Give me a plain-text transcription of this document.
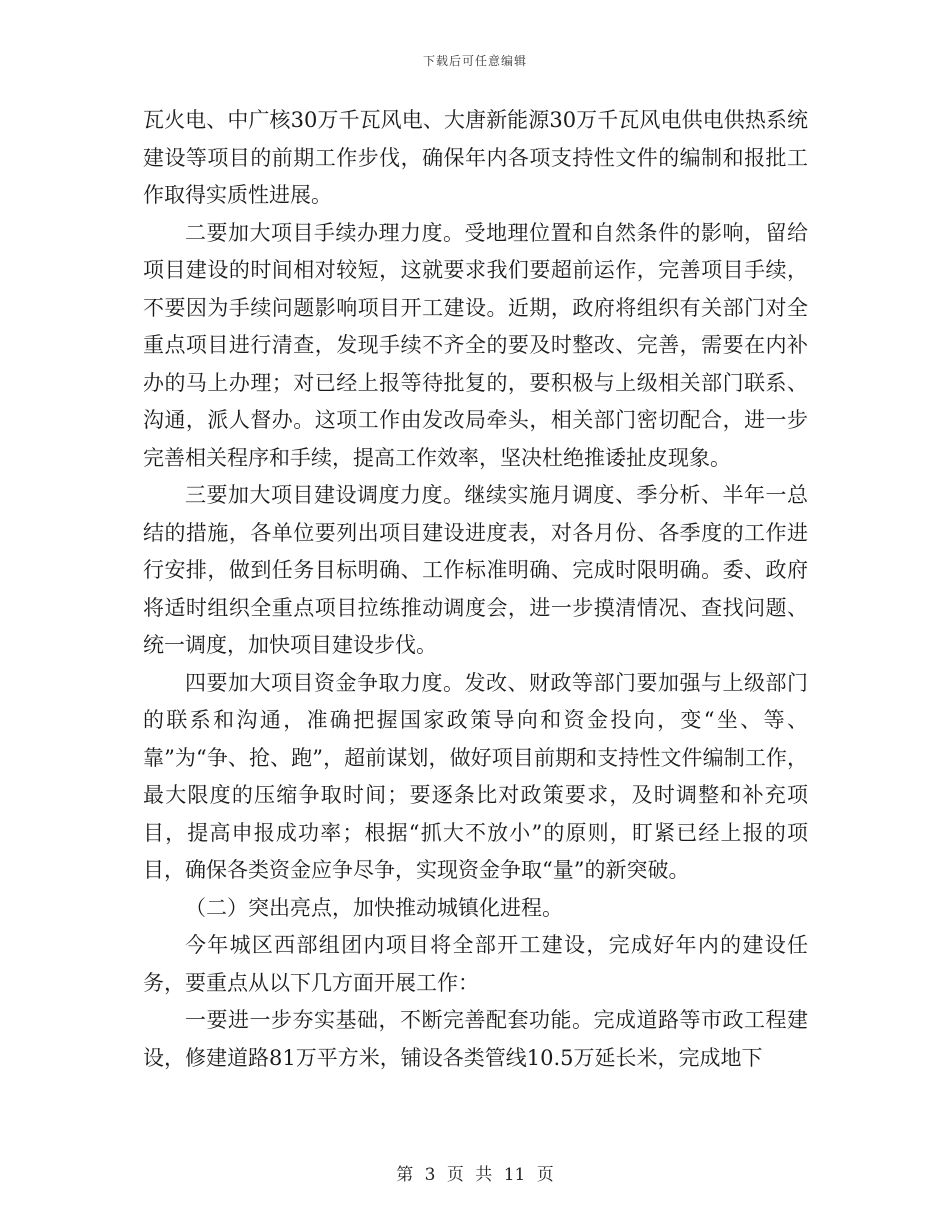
下载后可任意编辑

瓦火电、中广核30万千瓦风电、大唐新能源30万千瓦风电供电供热系统建设等项目的前期工作步伐，确保年内各项支持性文件的编制和报批工作取得实质性进展。

二要加大项目手续办理力度。受地理位置和自然条件的影响，留给项目建设的时间相对较短，这就要求我们要超前运作，完善项目手续，不要因为手续问题影响项目开工建设。近期，政府将组织有关部门对全重点项目进行清查，发现手续不齐全的要及时整改、完善，需要在内补办的马上办理；对已经上报等待批复的，要积极与上级相关部门联系、沟通，派人督办。这项工作由发改局牵头，相关部门密切配合，进一步完善相关程序和手续，提高工作效率，坚决杜绝推诿扯皮现象。

三要加大项目建设调度力度。继续实施月调度、季分析、半年一总结的措施，各单位要列出项目建设进度表，对各月份、各季度的工作进行安排，做到任务目标明确、工作标准明确、完成时限明确。委、政府将适时组织全重点项目拉练推动调度会，进一步摸清情况、查找问题、统一调度，加快项目建设步伐。

四要加大项目资金争取力度。发改、财政等部门要加强与上级部门的联系和沟通，准确把握国家政策导向和资金投向，变“坐、等、靠”为“争、抢、跑”，超前谋划，做好项目前期和支持性文件编制工作，最大限度的压缩争取时间；要逐条比对政策要求，及时调整和补充项目，提高申报成功率；根据“抓大不放小”的原则，盯紧已经上报的项目，确保各类资金应争尽争，实现资金争取“量”的新突破。

（二）突出亮点，加快推动城镇化进程。

今年城区西部组团内项目将全部开工建设，完成好年内的建设任务，要重点从以下几方面开展工作：

一要进一步夯实基础，不断完善配套功能。完成道路等市政工程建设，修建道路81万平方米，铺设各类管线10.5万延长米，完成地下

第 3 页 共 11 页
